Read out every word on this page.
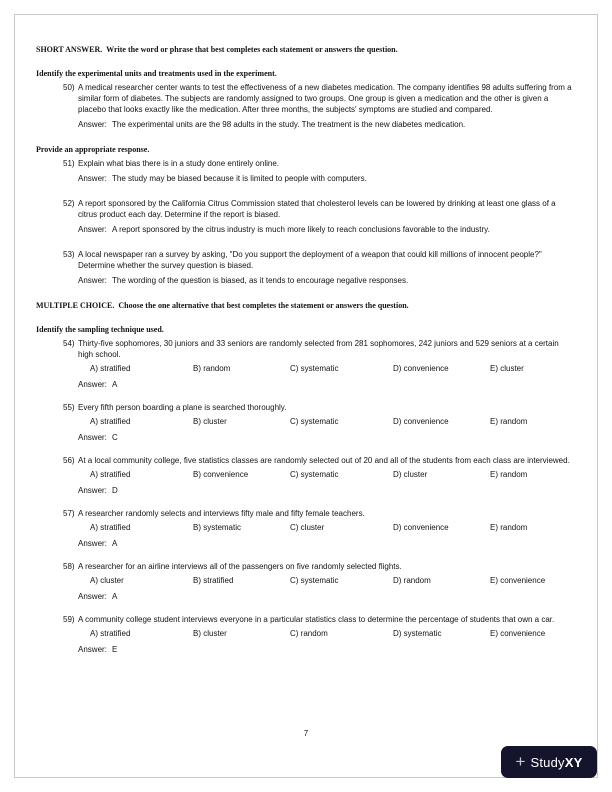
SHORT ANSWER.  Write the word or phrase that best completes each statement or answers the question.

Identify the experimental units and treatments used in the experiment.

50) A medical researcher center wants to test the effectiveness of a new diabetes medication. The company identifies 98 adults suffering from a similar form of diabetes. The subjects are randomly assigned to two groups. One group is given a medication and the other is given a placebo that looks exactly like the medication. After three months, the subjects' symptoms are studied and compared.
Answer: The experimental units are the 98 adults in the study. The treatment is the new diabetes medication.

Provide an appropriate response.

51) Explain what bias there is in a study done entirely online.
Answer: The study may be biased because it is limited to people with computers.
52) A report sponsored by the California Citrus Commission stated that cholesterol levels can be lowered by drinking at least one glass of a citrus product each day. Determine if the report is biased.
Answer: A report sponsored by the citrus industry is much more likely to reach conclusions favorable to the industry.
53) A local newspaper ran a survey by asking, "Do you support the deployment of a weapon that could kill millions of innocent people?" Determine whether the survey question is biased.
Answer: The wording of the question is biased, as it tends to encourage negative responses.

MULTIPLE CHOICE.  Choose the one alternative that best completes the statement or answers the question.

Identify the sampling technique used.

54) Thirty-five sophomores, 30 juniors and 33 seniors are randomly selected from 281 sophomores, 242 juniors and 529 seniors at a certain high school.
A) stratified	B) random	C) systematic	D) convenience	E) cluster
Answer: A
55) Every fifth person boarding a plane is searched thoroughly.
A) stratified	B) cluster	C) systematic	D) convenience	E) random
Answer: C
56) At a local community college, five statistics classes are randomly selected out of 20 and all of the students from each class are interviewed.
A) stratified	B) convenience	C) systematic	D) cluster	E) random
Answer: D
57) A researcher randomly selects and interviews fifty male and fifty female teachers.
A) stratified	B) systematic	C) cluster	D) convenience	E) random
Answer: A
58) A researcher for an airline interviews all of the passengers on five randomly selected flights.
A) cluster	B) stratified	C) systematic	D) random	E) convenience
Answer: A
59) A community college student interviews everyone in a particular statistics class to determine the percentage of students that own a car.
A) stratified	B) cluster	C) random	D) systematic	E) convenience
Answer: E
7
+ StudyXY
